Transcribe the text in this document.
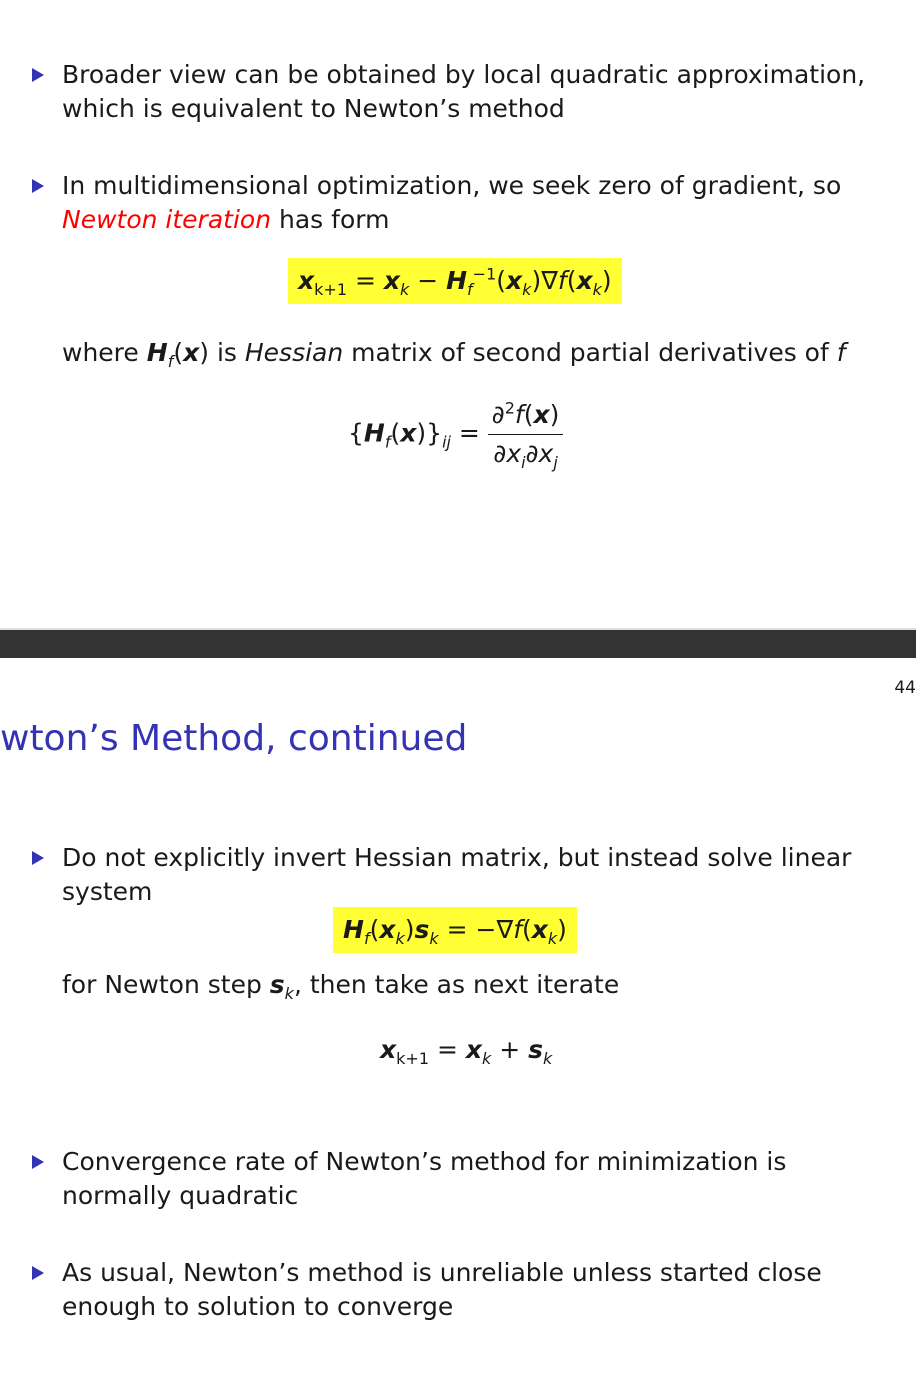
Broader view can be obtained by local quadratic approximation, which is equivalent to Newton’s method
In multidimensional optimization, we seek zero of gradient, so
Newton iteration has form
$x_{k+1} = x_k - H_f^{-1}(x_k)\nabla f(x_k)$
where $H_f(x)$ is Hessian matrix of second partial derivatives of f
$\{H_f(x)\}_{ij} = \frac{\partial^2f(x)}{\partial x_i\partial x_j}$
44
wton’s Method, continued
Do not explicitly invert Hessian matrix, but instead solve linear system
$H_f(x_k)s_k = -\nabla f(x_k)$
for Newton step $s_k$, then take as next iterate
$x_{k+1} = x_k + s_k$
Convergence rate of Newton’s method for minimization is normally quadratic
As usual, Newton’s method is unreliable unless started close enough to solution to converge
